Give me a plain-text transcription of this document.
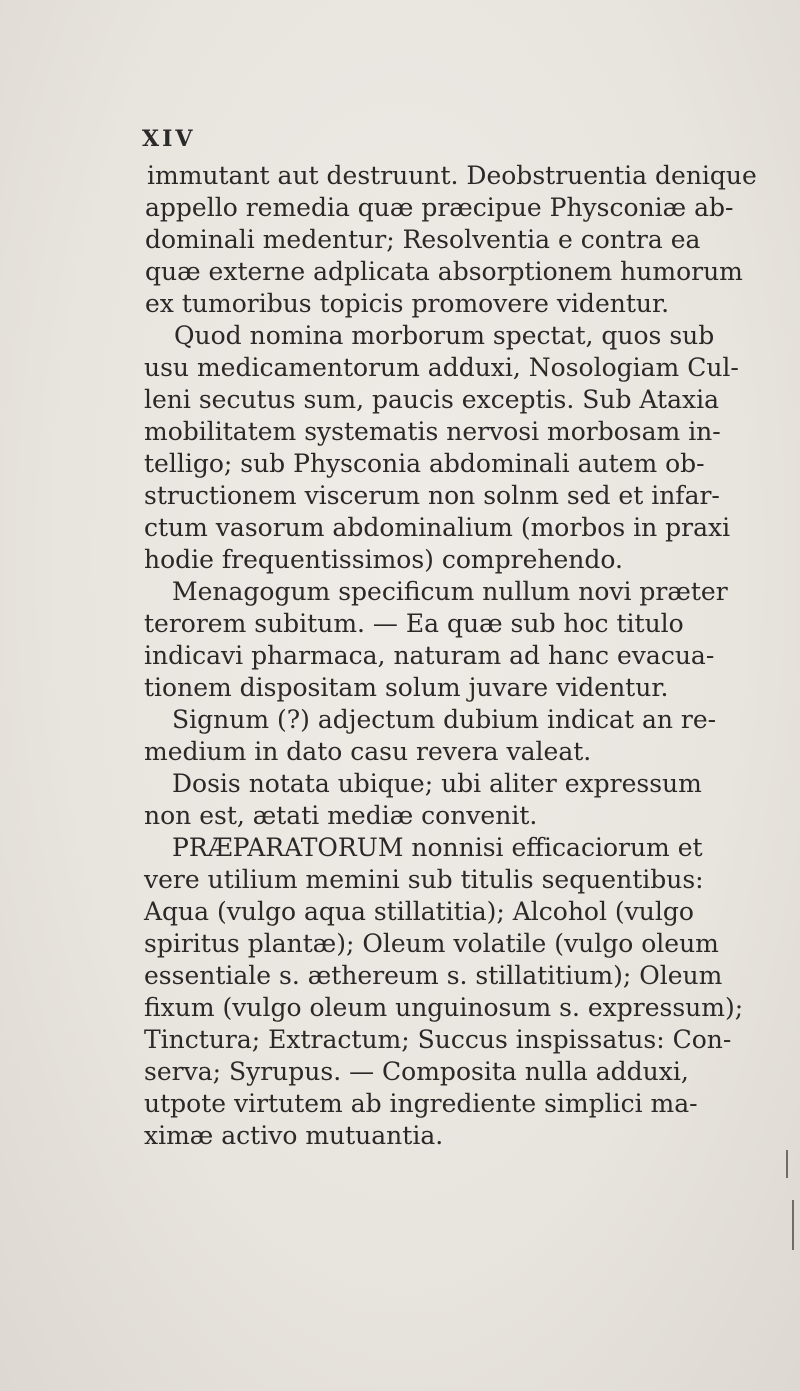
XIV
immutant aut destruunt. Deobstruentia denique
appello remedia quæ præcipue Physconiæ ab-
dominali medentur; Resolventia e contra ea
quæ externe adplicata absorptionem humorum
ex tumoribus topicis promovere videntur.
Quod nomina morborum spectat, quos sub
usu medicamentorum adduxi, Nosologiam Cul-
leni secutus sum, paucis exceptis. Sub Ataxia
mobilitatem systematis nervosi morbosam in-
telligo; sub Physconia abdominali autem ob-
structionem viscerum non solnm sed et infar-
ctum vasorum abdominalium (morbos in praxi
hodie frequentissimos) comprehendo.
Menagogum specificum nullum novi præter
terorem subitum. — Ea quæ sub hoc titulo
indicavi pharmaca, naturam ad hanc evacua-
tionem dispositam solum juvare videntur.
Signum (?) adjectum dubium indicat an re-
medium in dato casu revera valeat.
Dosis notata ubique; ubi aliter expressum
non est, ætati mediæ convenit.
PRÆPARATORUM nonnisi efficaciorum et
vere utilium memini sub titulis sequentibus:
Aqua (vulgo aqua stillatitia); Alcohol (vulgo
spiritus plantæ); Oleum volatile (vulgo oleum
essentiale s. æthereum s. stillatitium); Oleum
fixum (vulgo oleum unguinosum s. expressum);
Tinctura; Extractum; Succus inspissatus: Con-
serva; Syrupus. — Composita nulla adduxi,
utpote virtutem ab ingrediente simplici ma-
ximæ activo mutuantia.
